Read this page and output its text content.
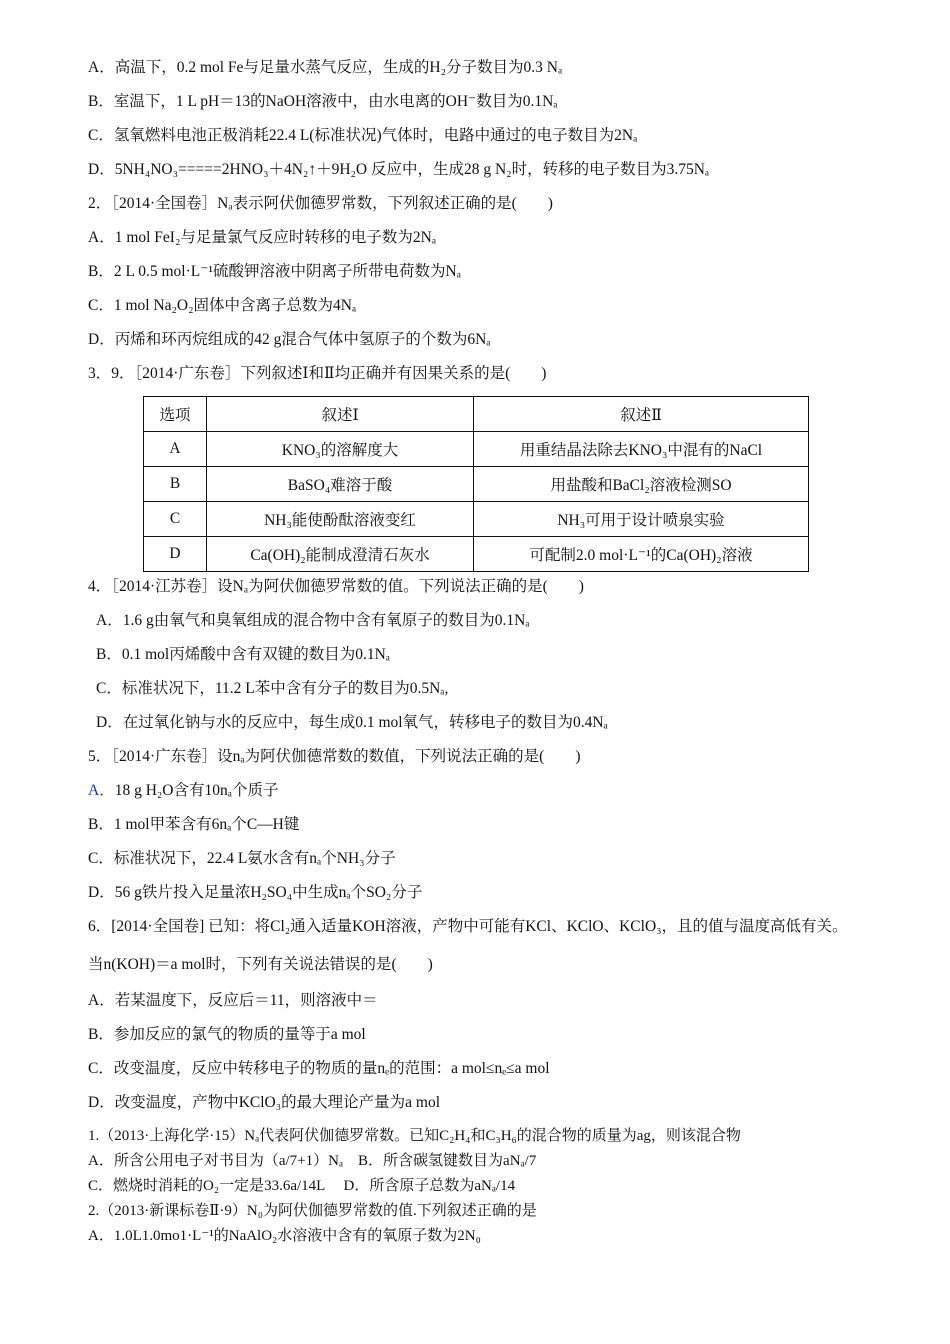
A．高温下，0.2 mol Fe与足量水蒸气反应，生成的H₂分子数目为0.3 Nₐ
B．室温下，1 L pH＝13的NaOH溶液中，由水电离的OH⁻数目为0.1Nₐ
C．氢氧燃料电池正极消耗22.4 L(标准状况)气体时，电路中通过的电子数目为2Nₐ
D．5NH₄NO₃=====2HNO₃＋4N₂↑＋9H₂O 反应中，生成28 g N₂时，转移的电子数目为3.75Nₐ
2．［2014·全国卷］Nₐ表示阿伏伽德罗常数，下列叙述正确的是(　　)
A．1 mol FeI₂与足量氯气反应时转移的电子数为2Nₐ
B．2 L 0.5 mol·L⁻¹硫酸钾溶液中阴离子所带电荷数为Nₐ
C．1 mol Na₂O₂固体中含离子总数为4Nₐ
D．丙烯和环丙烷组成的42 g混合气体中氢原子的个数为6Nₐ
3．9．［2014·广东卷］下列叙述Ⅰ和Ⅱ均正确并有因果关系的是(　　)
选项	叙述Ⅰ	叙述Ⅱ
A	KNO₃的溶解度大	用重结晶法除去KNO₃中混有的NaCl
B	BaSO₄难溶于酸	用盐酸和BaCl₂溶液检测SO
C	NH₃能使酚酞溶液变红	NH₃可用于设计喷泉实验
D	Ca(OH)₂能制成澄清石灰水	可配制2.0 mol·L⁻¹的Ca(OH)₂溶液
4．［2014·江苏卷］设Nₐ为阿伏伽德罗常数的值。下列说法正确的是(　　)
A．1.6 g由氧气和臭氧组成的混合物中含有氧原子的数目为0.1Nₐ
B．0.1 mol丙烯酸中含有双键的数目为0.1Nₐ
C．标准状况下，11.2 L苯中含有分子的数目为0.5Nₐ,
D．在过氧化钠与水的反应中，每生成0.1 mol氧气，转移电子的数目为0.4Nₐ
5．［2014·广东卷］设nₐ为阿伏伽德常数的数值，下列说法正确的是(　　)
A．18 g H₂O含有10nₐ个质子
B．1 mol甲苯含有6nₐ个C—H键
C．标准状况下，22.4 L氨水含有nₐ个NH₃分子
D．56 g铁片投入足量浓H₂SO₄中生成nₐ个SO₂分子
6．[2014·全国卷] 已知：将Cl₂通入适量KOH溶液，产物中可能有KCl、KClO、KClO₃，且的值与温度高低有关。
当n(KOH)＝a mol时，下列有关说法错误的是(　　)
A．若某温度下，反应后＝11，则溶液中＝
B．参加反应的氯气的物质的量等于a mol
C．改变温度，反应中转移电子的物质的量nₑ的范围：a mol≤nₑ≤a mol
D．改变温度，产物中KClO₃的最大理论产量为a mol
1.（2013·上海化学·15）Nₐ代表阿伏伽德罗常数。已知C₂H₄和C₃H₆的混合物的质量为ag，则该混合物
A．所含公用电子对书目为（a/7+1）Nₐ　B．所含碳氢键数目为aNₐ/7
C．燃烧时消耗的O₂一定是33.6a/14L　 D．所含原子总数为aNₐ/14
2.（2013·新课标卷Ⅱ·9）N₀为阿伏伽德罗常数的值.下列叙述正确的是
A．1.0L1.0mo1·L⁻¹的NaAlO₂水溶液中含有的氧原子数为2N₀
